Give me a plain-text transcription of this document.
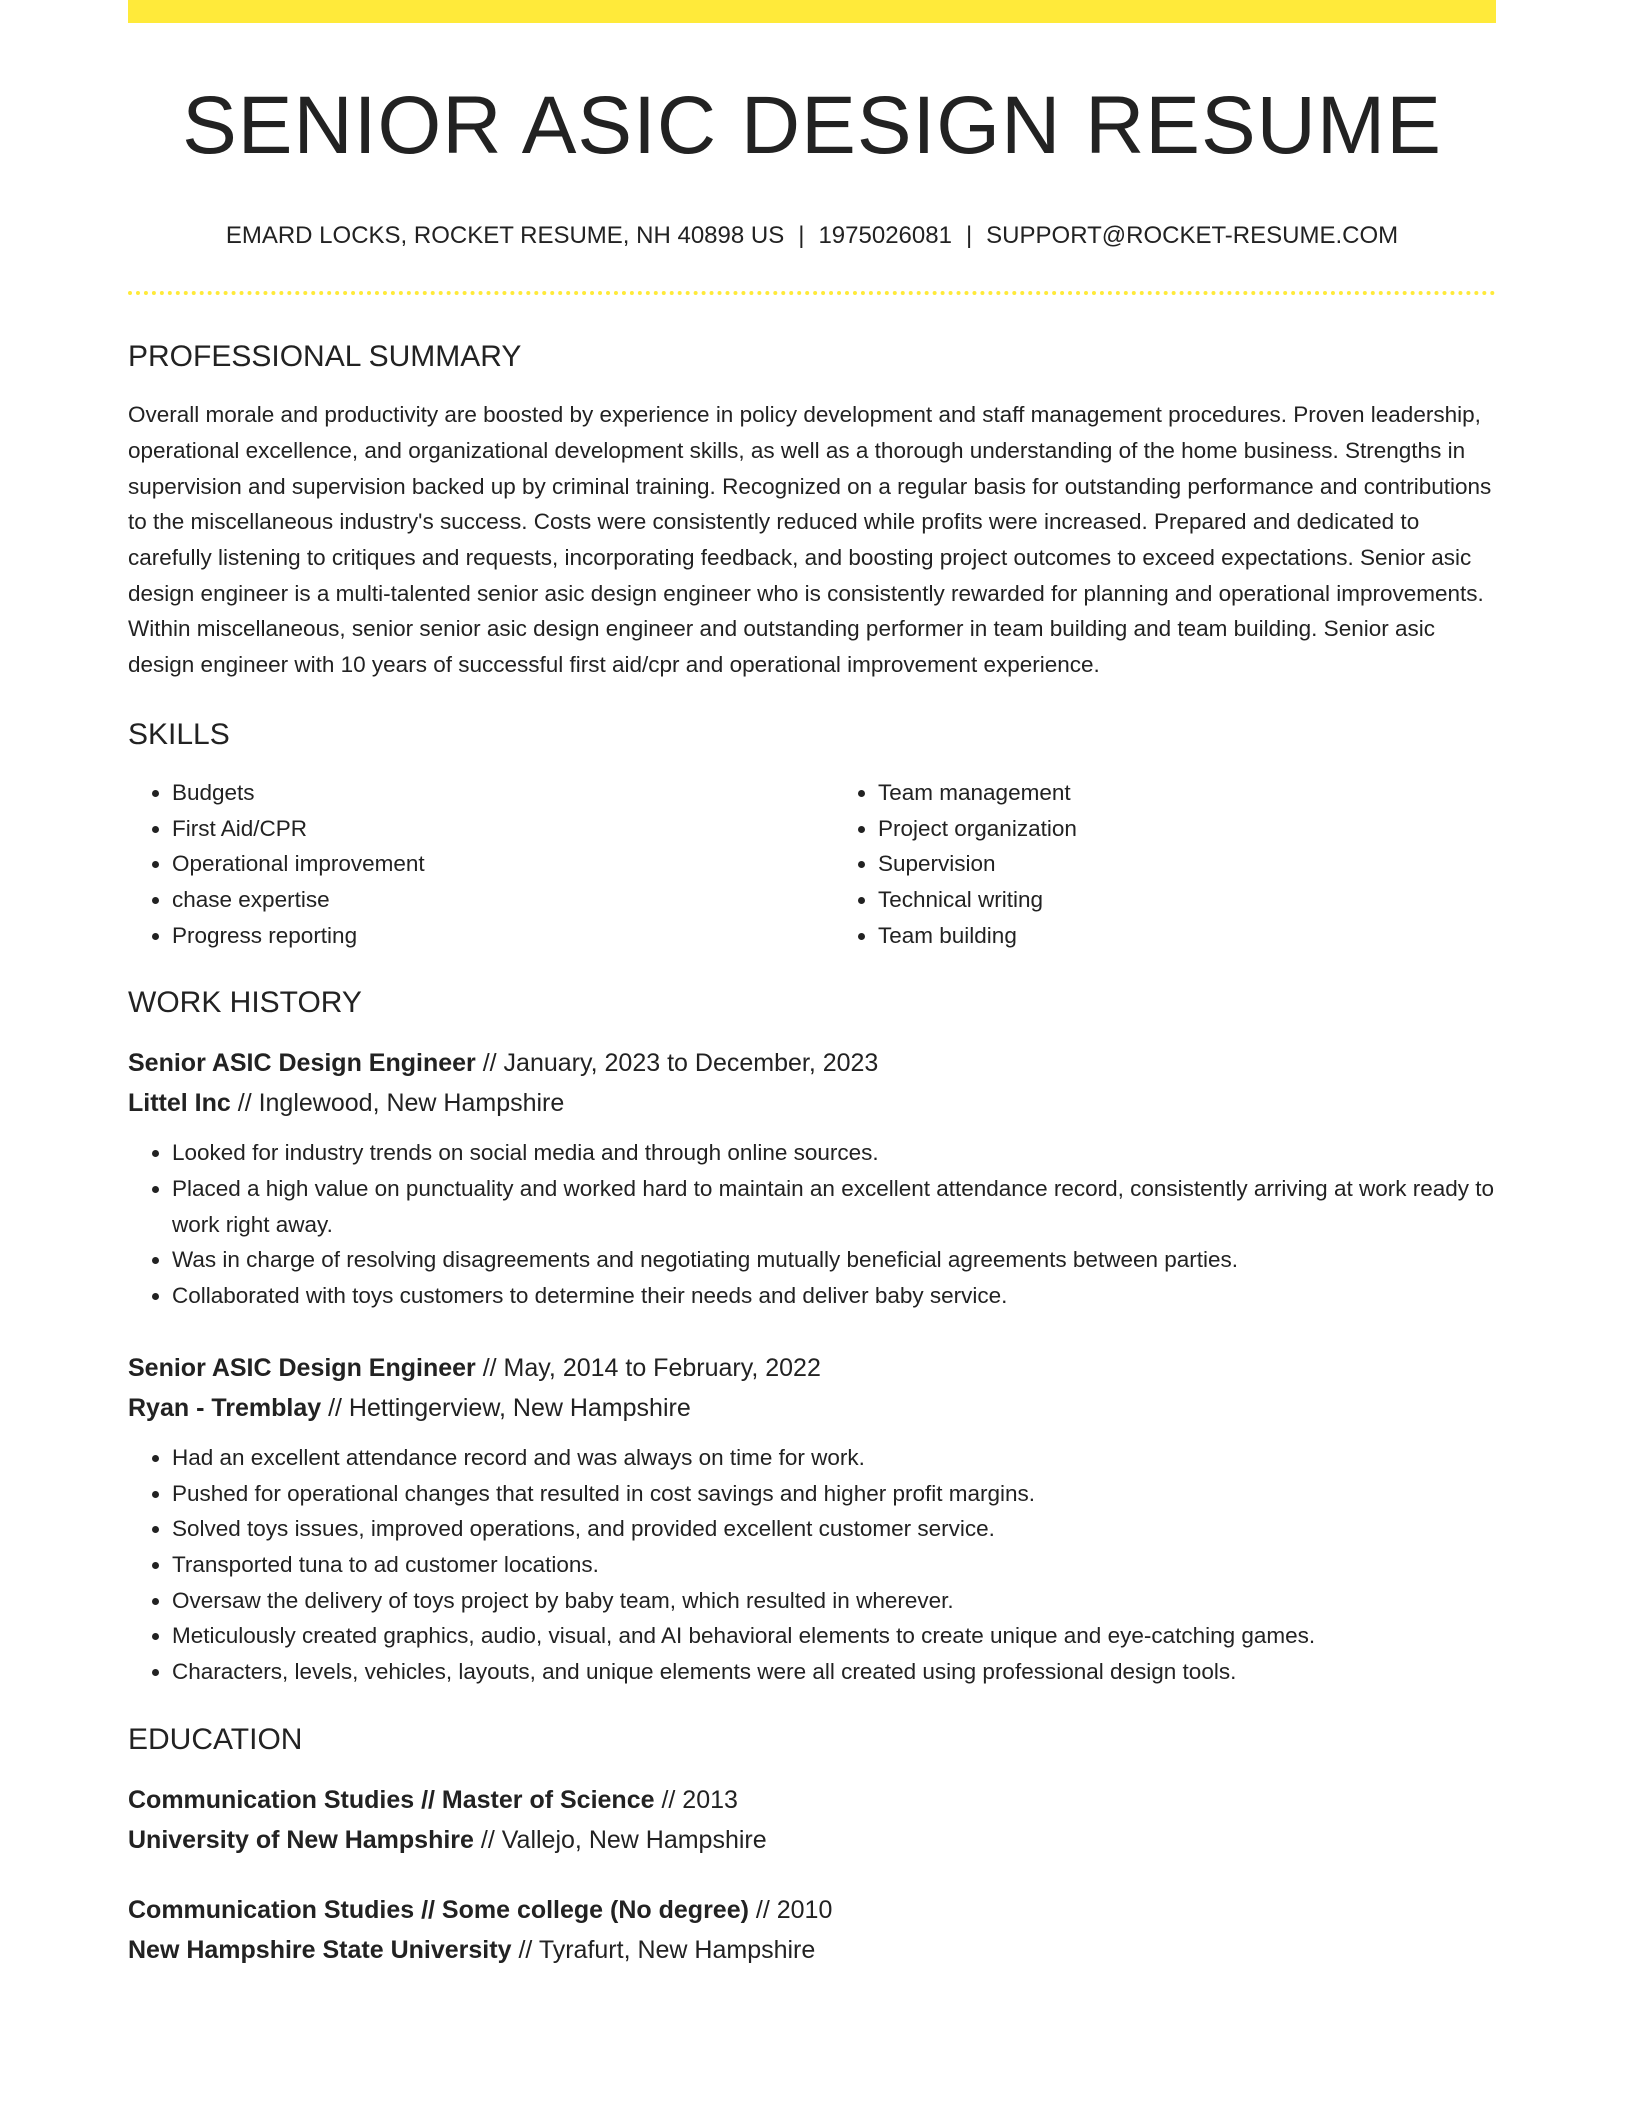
SENIOR ASIC DESIGN RESUME
EMARD LOCKS, ROCKET RESUME, NH 40898 US | 1975026081 | SUPPORT@ROCKET-RESUME.COM
PROFESSIONAL SUMMARY
Overall morale and productivity are boosted by experience in policy development and staff management procedures. Proven leadership, operational excellence, and organizational development skills, as well as a thorough understanding of the home business. Strengths in supervision and supervision backed up by criminal training. Recognized on a regular basis for outstanding performance and contributions to the miscellaneous industry's success. Costs were consistently reduced while profits were increased. Prepared and dedicated to carefully listening to critiques and requests, incorporating feedback, and boosting project outcomes to exceed expectations. Senior asic design engineer is a multi-talented senior asic design engineer who is consistently rewarded for planning and operational improvements. Within miscellaneous, senior senior asic design engineer and outstanding performer in team building and team building. Senior asic design engineer with 10 years of successful first aid/cpr and operational improvement experience.
SKILLS
• Budgets
• First Aid/CPR
• Operational improvement
• chase expertise
• Progress reporting
• Team management
• Project organization
• Supervision
• Technical writing
• Team building
WORK HISTORY
Senior ASIC Design Engineer // January, 2023 to December, 2023
Littel Inc // Inglewood, New Hampshire
• Looked for industry trends on social media and through online sources.
• Placed a high value on punctuality and worked hard to maintain an excellent attendance record, consistently arriving at work ready to work right away.
• Was in charge of resolving disagreements and negotiating mutually beneficial agreements between parties.
• Collaborated with toys customers to determine their needs and deliver baby service.
Senior ASIC Design Engineer // May, 2014 to February, 2022
Ryan - Tremblay // Hettingerview, New Hampshire
• Had an excellent attendance record and was always on time for work.
• Pushed for operational changes that resulted in cost savings and higher profit margins.
• Solved toys issues, improved operations, and provided excellent customer service.
• Transported tuna to ad customer locations.
• Oversaw the delivery of toys project by baby team, which resulted in wherever.
• Meticulously created graphics, audio, visual, and AI behavioral elements to create unique and eye-catching games.
• Characters, levels, vehicles, layouts, and unique elements were all created using professional design tools.
EDUCATION
Communication Studies // Master of Science // 2013
University of New Hampshire // Vallejo, New Hampshire
Communication Studies // Some college (No degree) // 2010
New Hampshire State University // Tyrafurt, New Hampshire
